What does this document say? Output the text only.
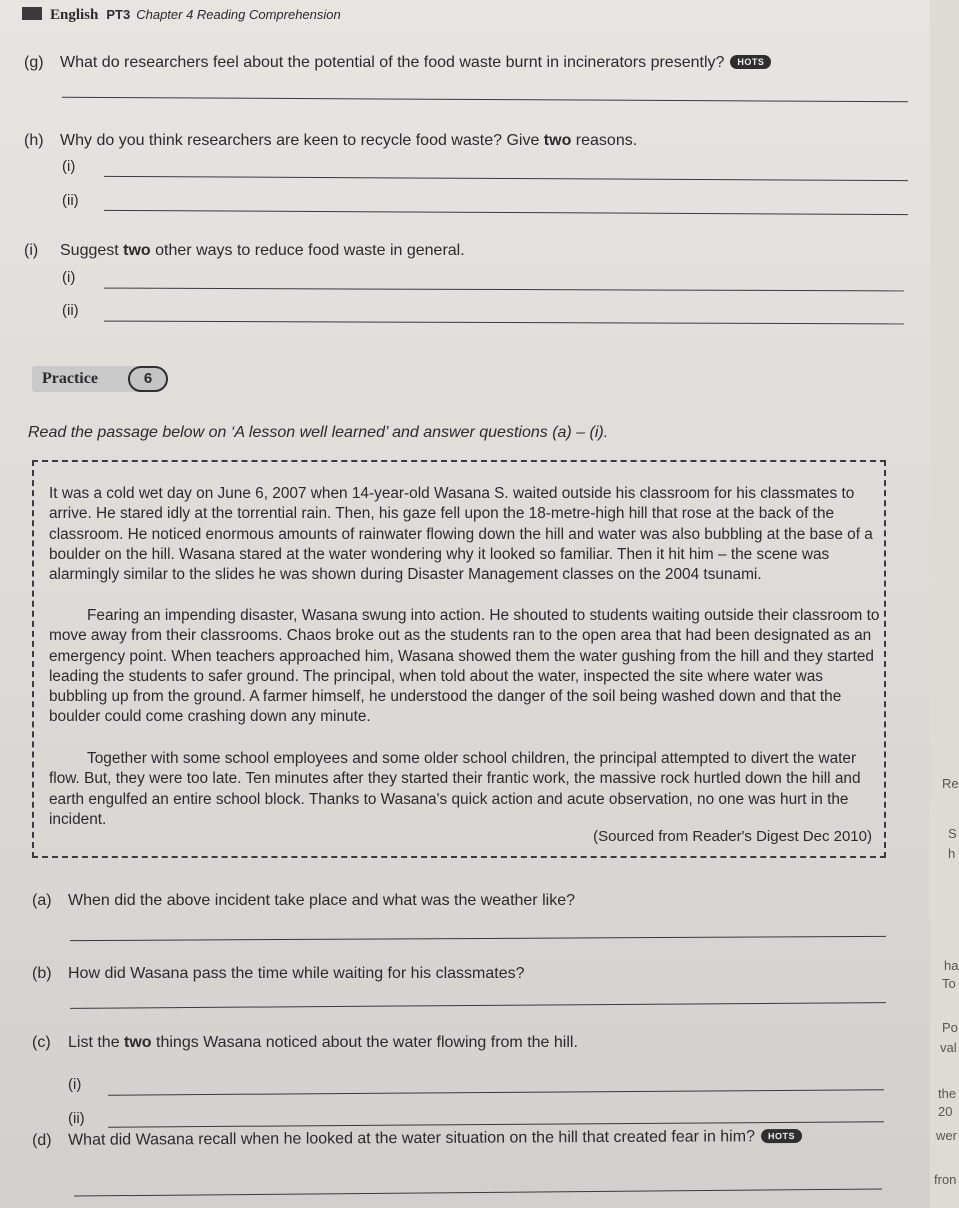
English PT3 Chapter 4 Reading Comprehension
(g) What do researchers feel about the potential of the food waste burnt in incinerators presently? HOTS
(h) Why do you think researchers are keen to recycle food waste? Give two reasons.
(i)
(ii)
(i) Suggest two other ways to reduce food waste in general.
(i)
(ii)
Practice	6
Read the passage below on ‘A lesson well learned’ and answer questions (a) – (i).
It was a cold wet day on June 6, 2007 when 14-year-old Wasana S. waited outside his classroom for his classmates to arrive. He stared idly at the torrential rain. Then, his gaze fell upon the 18-metre-high hill that rose at the back of the classroom. He noticed enormous amounts of rainwater flowing down the hill and water was also bubbling at the base of a boulder on the hill. Wasana stared at the water wondering why it looked so familiar. Then it hit him – the scene was alarmingly similar to the slides he was shown during Disaster Management classes on the 2004 tsunami.
Fearing an impending disaster, Wasana swung into action. He shouted to students waiting outside their classroom to move away from their classrooms. Chaos broke out as the students ran to the open area that had been designated as an emergency point. When teachers approached him, Wasana showed them the water gushing from the hill and they started leading the students to safer ground. The principal, when told about the water, inspected the site where water was bubbling up from the ground. A farmer himself, he understood the danger of the soil being washed down and that the boulder could come crashing down any minute.
Together with some school employees and some older school children, the principal attempted to divert the water flow. But, they were too late. Ten minutes after they started their frantic work, the massive rock hurtled down the hill and earth engulfed an entire school block. Thanks to Wasana's quick action and acute observation, no one was hurt in the incident.
(Sourced from Reader's Digest Dec 2010)
(a) When did the above incident take place and what was the weather like?
(b) How did Wasana pass the time while waiting for his classmates?
(c) List the two things Wasana noticed about the water flowing from the hill.
(i)
(ii)
(d) What did Wasana recall when he looked at the water situation on the hill that created fear in him? HOTS
Re
S
h
ha
To
Po
val
the
20
wer
fron
